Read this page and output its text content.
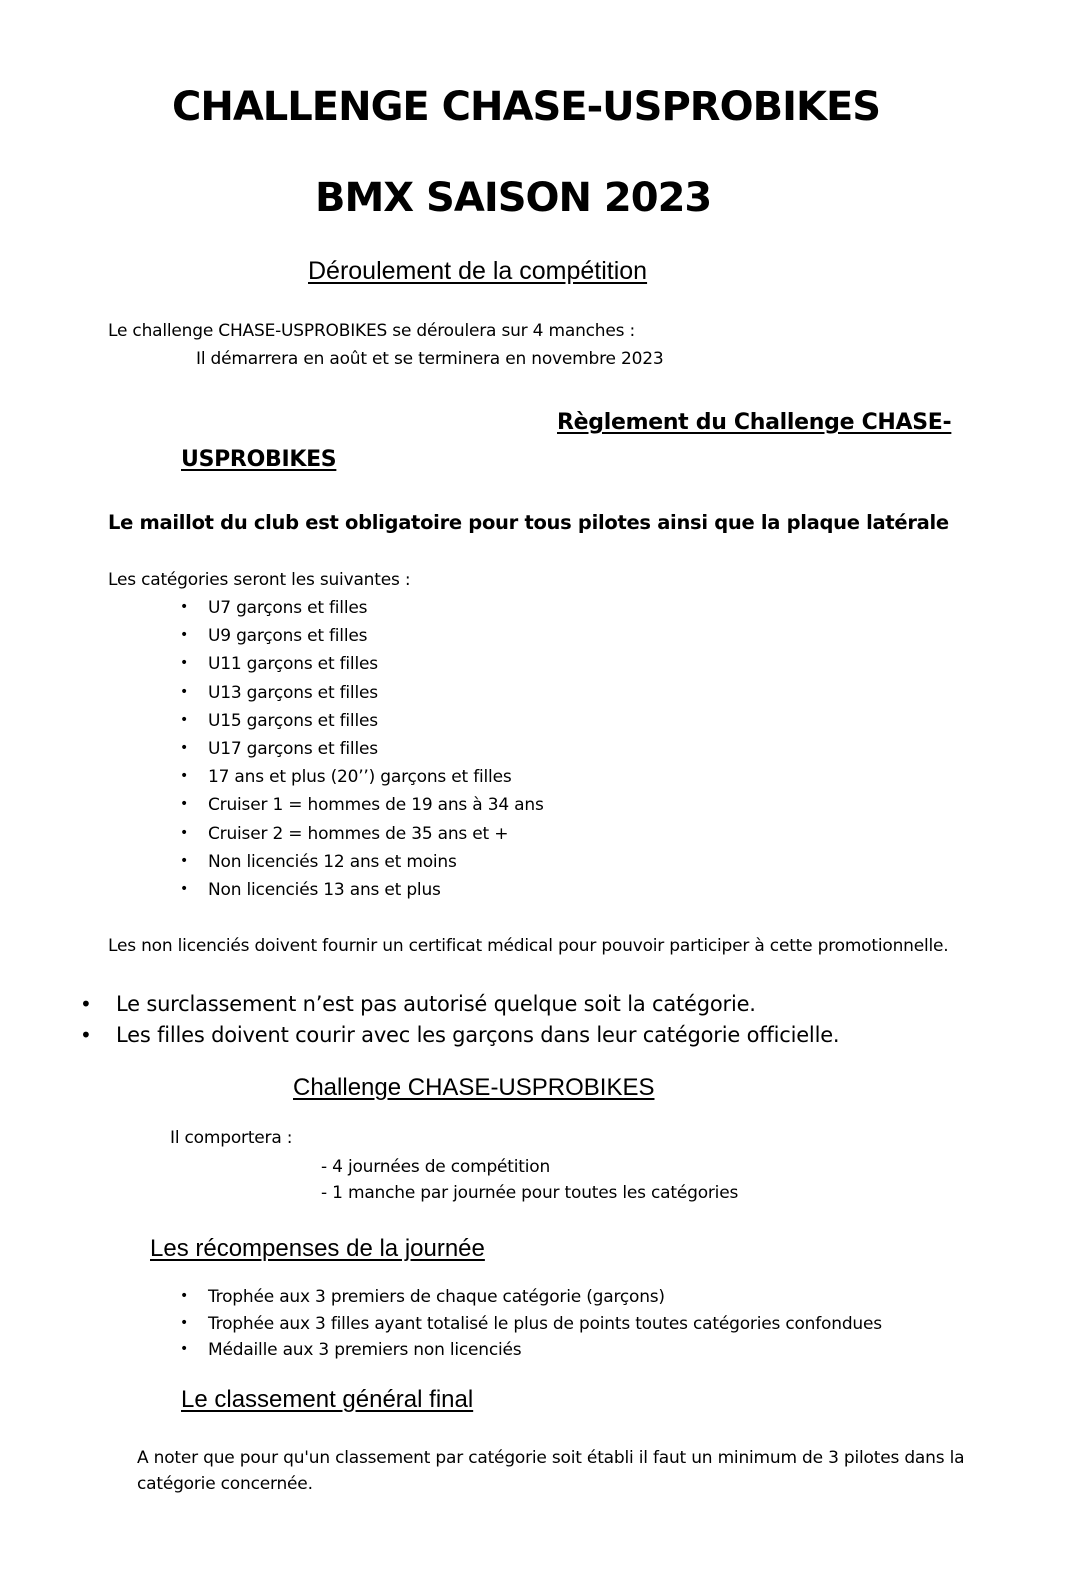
CHALLENGE CHASE-USPROBIKES
BMX SAISON 2023
Déroulement de la compétition
Le challenge CHASE-USPROBIKES se déroulera sur 4 manches :
Il démarrera en août et se terminera en novembre 2023
Règlement du Challenge CHASE-
USPROBIKES
Le maillot du club est obligatoire pour tous pilotes ainsi que la plaque latérale
Les catégories seront les suivantes :
• U7 garçons et filles
• U9 garçons et filles
• U11 garçons et filles
• U13 garçons et filles
• U15 garçons et filles
• U17 garçons et filles
• 17 ans et plus (20’’) garçons et filles
• Cruiser 1 = hommes de 19 ans à 34 ans
• Cruiser 2 = hommes de 35 ans et +
• Non licenciés 12 ans et moins
• Non licenciés 13 ans et plus
Les non licenciés doivent fournir un certificat médical pour pouvoir participer à cette promotionnelle.
• Le surclassement n’est pas autorisé quelque soit la catégorie.
• Les filles doivent courir avec les garçons dans leur catégorie officielle.
Challenge CHASE-USPROBIKES
Il comportera :
- 4 journées de compétition
- 1 manche par journée pour toutes les catégories
Les récompenses de la journée
• Trophée aux 3 premiers de chaque catégorie (garçons)
• Trophée aux 3 filles ayant totalisé le plus de points toutes catégories confondues
• Médaille aux 3 premiers non licenciés
Le classement général final
A noter que pour qu'un classement par catégorie soit établi il faut un minimum de 3 pilotes dans la
catégorie concernée.
